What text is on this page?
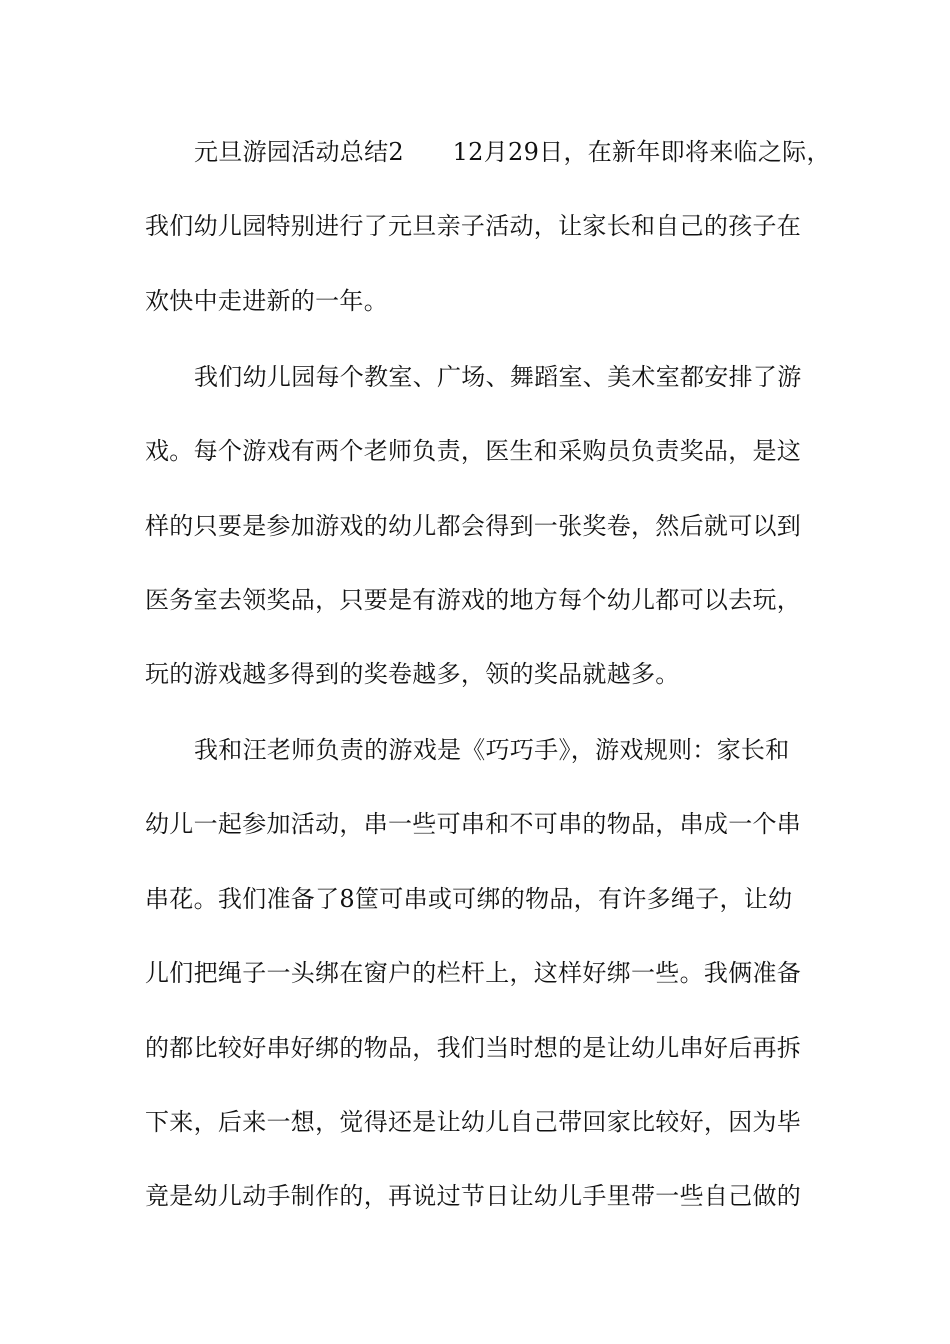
元旦游园活动总结2　　12月29日，在新年即将来临之际，
我们幼儿园特别进行了元旦亲子活动，让家长和自己的孩子在
欢快中走进新的一年。
我们幼儿园每个教室、广场、舞蹈室、美术室都安排了游
戏。每个游戏有两个老师负责，医生和采购员负责奖品，是这
样的只要是参加游戏的幼儿都会得到一张奖卷，然后就可以到
医务室去领奖品，只要是有游戏的地方每个幼儿都可以去玩，
玩的游戏越多得到的奖卷越多，领的奖品就越多。
我和汪老师负责的游戏是《巧巧手》，游戏规则：家长和
幼儿一起参加活动，串一些可串和不可串的物品，串成一个串
串花。我们准备了8筐可串或可绑的物品，有许多绳子，让幼
儿们把绳子一头绑在窗户的栏杆上，这样好绑一些。我俩准备
的都比较好串好绑的物品，我们当时想的是让幼儿串好后再拆
下来，后来一想，觉得还是让幼儿自己带回家比较好，因为毕
竟是幼儿动手制作的，再说过节日让幼儿手里带一些自己做的
